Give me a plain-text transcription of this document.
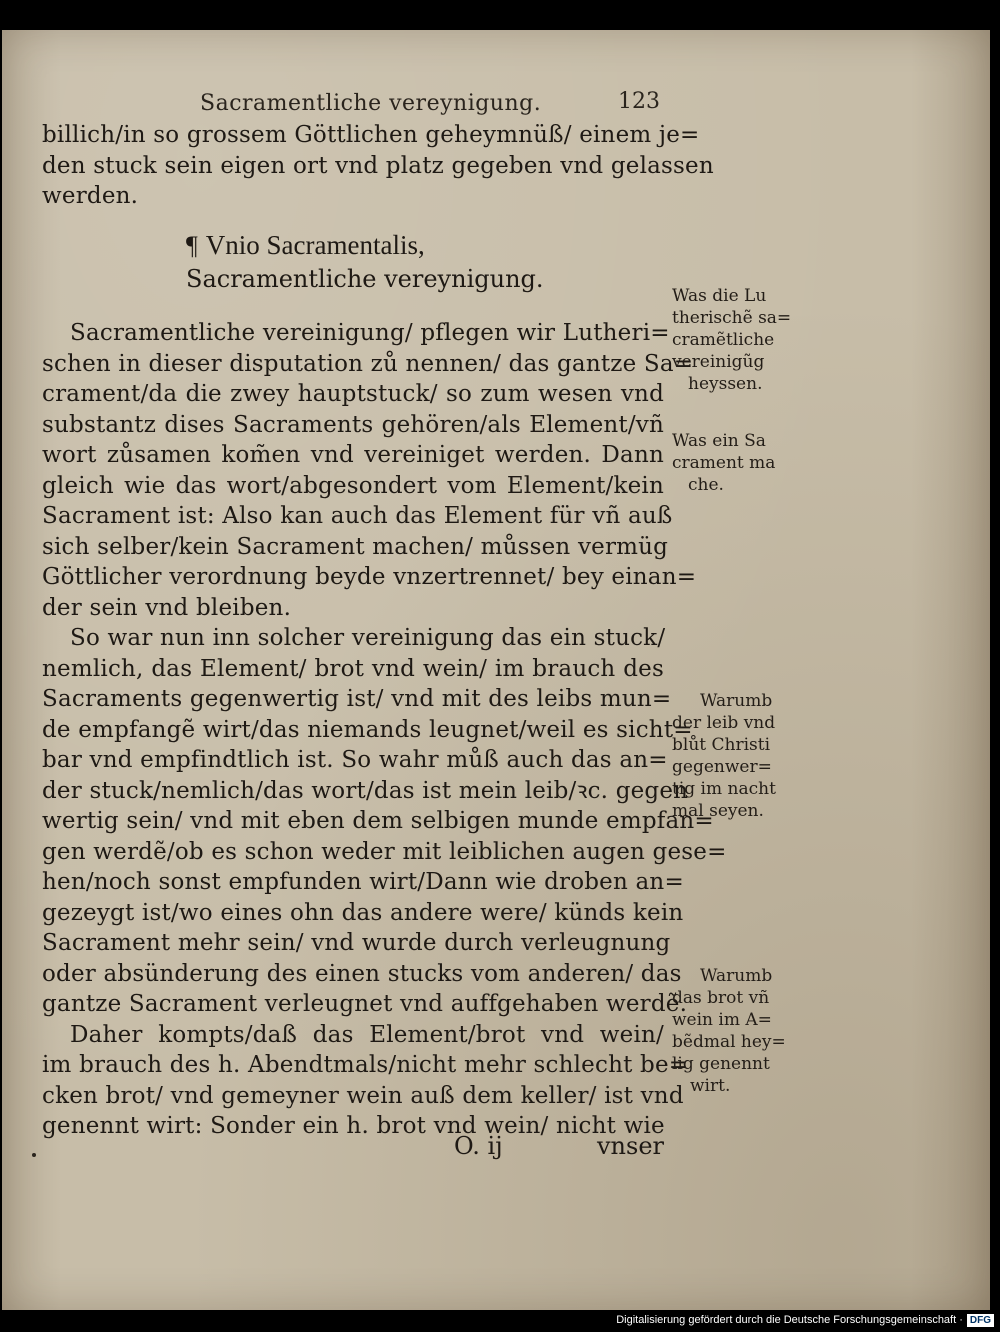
Sacramentliche vereynigung.	123
billich/in so grossem Göttlichen geheymnüß/ einem je=
den stuck sein eigen ort vnd platz gegeben vnd gelassen
werden.
¶ Vnio Sacramentalis,
Sacramentliche vereynigung.
Sacramentliche vereinigung/ pflegen wir Lutheri=
schen in dieser disputation zů nennen/ das gantze Sa=
crament/da die zwey hauptstuck/ so zum wesen vnd
substantz dises Sacraments gehören/als Element/vñ
wort zůsamen kom̃en vnd vereiniget werden. Dann
gleich wie das wort/abgesondert vom Element/kein
Sacrament ist: Also kan auch das Element für vñ auß
sich selber/kein Sacrament machen/ můssen vermüg
Göttlicher verordnung beyde vnzertrennet/ bey einan=
der sein vnd bleiben.
So war nun inn solcher vereinigung das ein stuck/
nemlich, das Element/ brot vnd wein/ im brauch des
Sacraments gegenwertig ist/ vnd mit des leibs mun=
de empfangẽ wirt/das niemands leugnet/weil es sicht=
bar vnd empfindtlich ist. So wahr můß auch das an=
der stuck/nemlich/das wort/das ist mein leib/ꝛc. gegen
wertig sein/ vnd mit eben dem selbigen munde empfan=
gen werdẽ/ob es schon weder mit leiblichen augen gese=
hen/noch sonst empfunden wirt/Dann wie droben an=
gezeygt ist/wo eines ohn das andere were/ künds kein
Sacrament mehr sein/ vnd wurde durch verleugnung
oder absünderung des einen stucks vom anderen/ das
gantze Sacrament verleugnet vnd auffgehaben werdẽ.
Daher kompts/daß das Element/brot vnd wein/
im brauch des h. Abendtmals/nicht mehr schlecht be=
cken brot/ vnd gemeyner wein auß dem keller/ ist vnd
genennt wirt: Sonder ein h. brot vnd wein/ nicht wie
Was die Lu
therischẽ sa=
cramẽtliche
vereinigũg
heyssen.
Was ein Sa
crament ma
che.
Warumb
der leib vnd
blůt Christi
gegenwer=
tig im nacht
mal seyen.
Warumb
das brot vñ
wein im A=
bẽdmal hey=
lig genennt
wirt.
O. ij	vnser
Digitalisierung gefördert durch die Deutsche Forschungsgemeinschaft · DFG
